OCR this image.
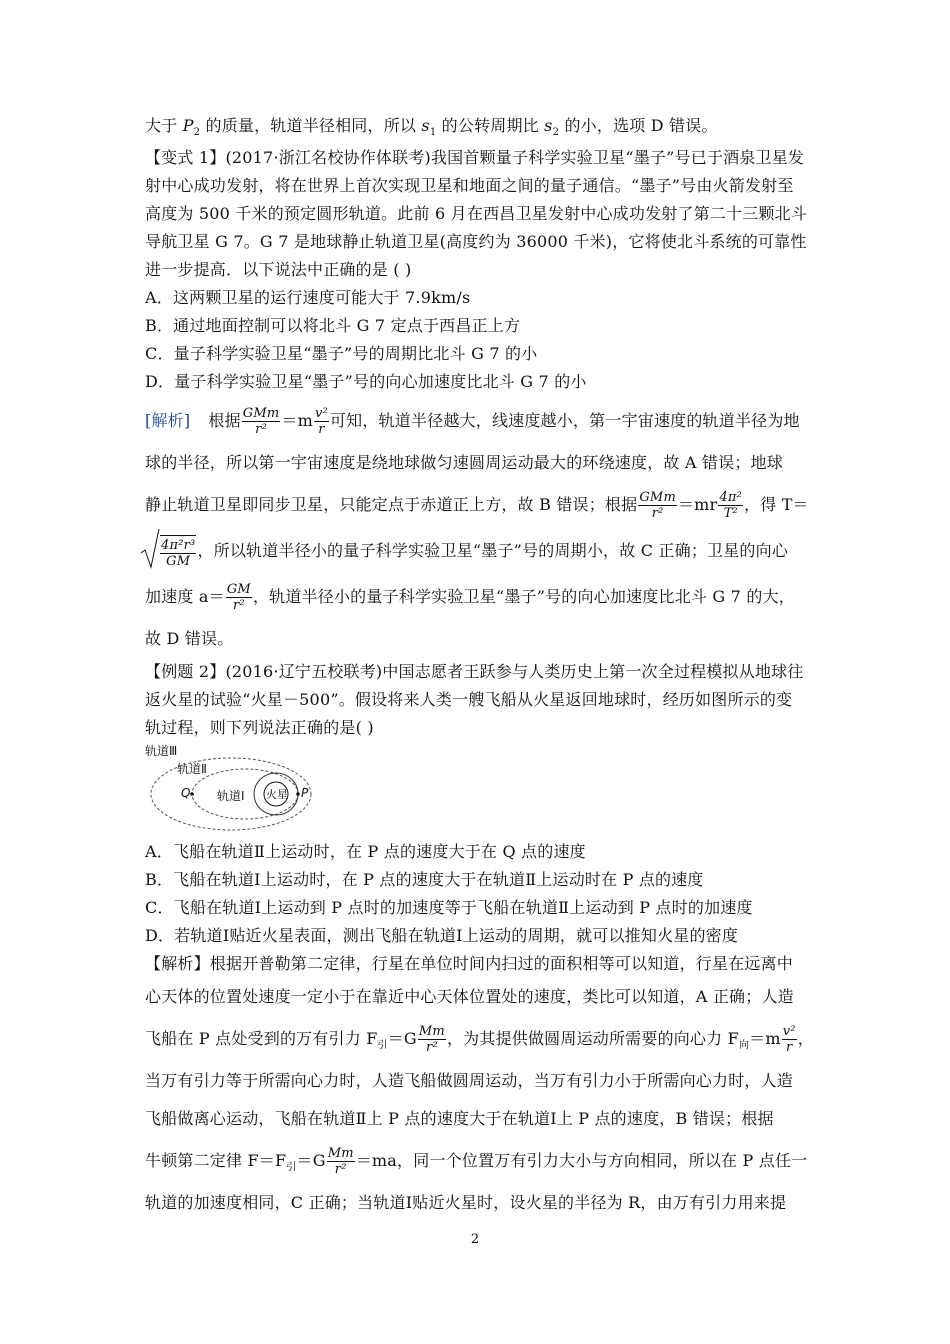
大于 $P_2$ 的质量，轨道半径相同，所以 $s_1$ 的公转周期比 $s_2$ 的小，选项 D 错误。
【变式 1】(2017·浙江名校协作体联考)我国首颗量子科学实验卫星“墨子”号已于酒泉卫星发
射中心成功发射，将在世界上首次实现卫星和地面之间的量子通信。“墨子”号由火箭发射至
高度为 500 千米的预定圆形轨道。此前 6 月在西昌卫星发射中心成功发射了第二十三颗北斗
导航卫星 G 7。G 7 是地球静止轨道卫星(高度约为 36000 千米)，它将使北斗系统的可靠性
进一步提高．以下说法中正确的是 ( )
A．这两颗卫星的运行速度可能大于 7.9km/s
B．通过地面控制可以将北斗 G 7 定点于西昌正上方
C．量子科学实验卫星“墨子”号的周期比北斗 G 7 的小
D．量子科学实验卫星“墨子”号的向心加速度比北斗 G 7 的小
[解析] 根据 $\frac{\text{GMm}}{\text{r²}} =m \frac{\text{v²}}{r}$ 可知，轨道半径越大，线速度越小，第一宇宙速度的轨道半径为地
球的半径，所以第一宇宙速度是绕地球做匀速圆周运动最大的环绕速度，故 A 错误；地球
静止轨道卫星即同步卫星，只能定点于赤道正上方，故 B 错误；根据 $\frac{\text{GMm}}{\text{r²}} =mr \frac{\text{4π²}}{\text{T²}}$ ，得 T＝
$\frac{\text{4π²r³}}{GM}$ ，所以轨道半径小的量子科学实验卫星“墨子”号的周期小，故 C 正确；卫星的向心
加速度 $a= \frac{GM}{\text{r²}}$ ，轨道半径小的量子科学实验卫星“墨子”号的向心加速度比北斗 G 7 的大，
故 D 错误。
【例题 2】(2016·辽宁五校联考)中国志愿者王跃参与人类历史上第一次全过程模拟从地球往
返火星的试验“火星－500”。假设将来人类一艘飞船从火星返回地球时，经历如图所示的变
轨过程，则下列说法正确的是( )
轨道Ⅲ
轨道Ⅱ
轨道Ⅰ
Q	P
火星
A．飞船在轨道Ⅱ上运动时，在 P 点的速度大于在 Q 点的速度
B．飞船在轨道Ⅰ上运动时，在 P 点的速度大于在轨道Ⅱ上运动时在 P 点的速度
C．飞船在轨道Ⅰ上运动到 P 点时的加速度等于飞船在轨道Ⅱ上运动到 P 点时的加速度
D．若轨道Ⅰ贴近火星表面，测出飞船在轨道Ⅰ上运动的周期，就可以推知火星的密度
【解析】根据开普勒第二定律，行星在单位时间内扫过的面积相等可以知道，行星在远离中
心天体的位置处速度一定小于在靠近中心天体位置处的速度，类比可以知道，A 正确；人造
飞船在 P 点处受到的万有引力 $F_引=G \frac{Mm}{\text{r²}}$ ，为其提供做圆周运动所需要的向心力 $F_向=m \frac{\text{v²}}{r}$ ，
当万有引力等于所需向心力时，人造飞船做圆周运动，当万有引力小于所需向心力时，人造
飞船做离心运动，飞船在轨道Ⅱ上 P 点的速度大于在轨道Ⅰ上 P 点的速度，B 错误；根据
牛顿第二定律 $F=F_引=G \frac{Mm}{\text{r²}} =ma$，同一个位置万有引力大小与方向相同，所以在 P 点任一
轨道的加速度相同，C 正确；当轨道Ⅰ贴近火星时，设火星的半径为 R，由万有引力用来提
2
